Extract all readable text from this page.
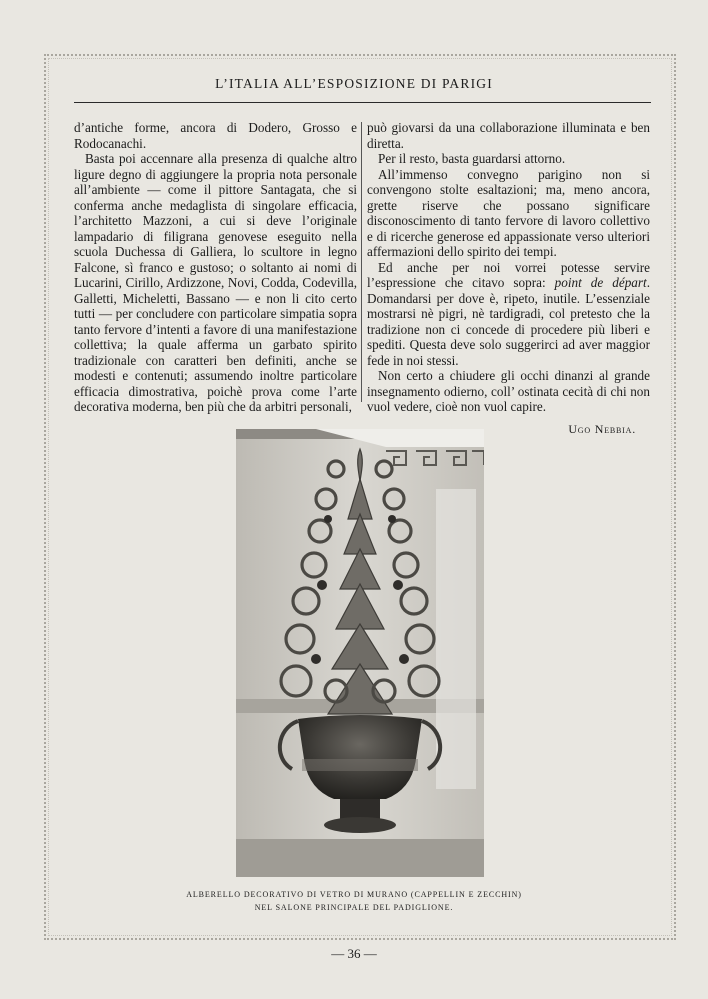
L’ITALIA ALL’ESPOSIZIONE DI PARIGI

d’antiche forme, ancora di Dodero, Grosso e Rodocanachi.

Basta poi accennare alla presenza di qualche altro ligure degno di aggiungere la propria nota personale all’ambiente — come il pittore Santagata, che si conferma anche medaglista di singolare efficacia, l’architetto Mazzoni, a cui si deve l’originale lampadario di filigrana genovese eseguito nella scuola Duchessa di Galliera, lo scultore in legno Falcone, sì franco e gustoso; o soltanto ai nomi di Lucarini, Cirillo, Ardizzone, Novi, Codda, Codevilla, Galletti, Micheletti, Bassano — e non li cito certo tutti — per concludere con particolare simpatia sopra tanto fervore d’intenti a favore di una manifestazione collettiva; la quale afferma un garbato spirito tradizionale con caratteri ben definiti, anche se modesti e contenuti; assumendo inoltre particolare efficacia dimostrativa, poichè prova come l’arte decorativa moderna, ben più che da arbitri personali,

può giovarsi da una collaborazione illuminata e ben diretta.

Per il resto, basta guardarsi attorno.

All’immenso convegno parigino non si convengono stolte esaltazioni; ma, meno ancora, grette riserve che possano significare disconoscimento di tanto fervore di lavoro collettivo e di ricerche generose ed appassionate verso ulteriori affermazioni dello spirito dei tempi.

Ed anche per noi vorrei potesse servire l’espressione che citavo sopra: point de départ. Domandarsi per dove è, ripeto, inutile. L’essenziale mostrarsi nè pigri, nè tardigradi, col pretesto che la tradizione non ci concede di procedere più liberi e spediti. Questa deve solo suggerirci ad aver maggior fede in noi stessi.

Non certo a chiudere gli occhi dinanzi al grande insegnamento odierno, coll’ ostinata cecità di chi non vuol vedere, cioè non vuol capire.

Ugo Nebbia.
ALBERELLO DECORATIVO DI VETRO DI MURANO (CAPPELLIN E ZECCHIN)
NEL SALONE PRINCIPALE DEL PADIGLIONE.
— 36 —
